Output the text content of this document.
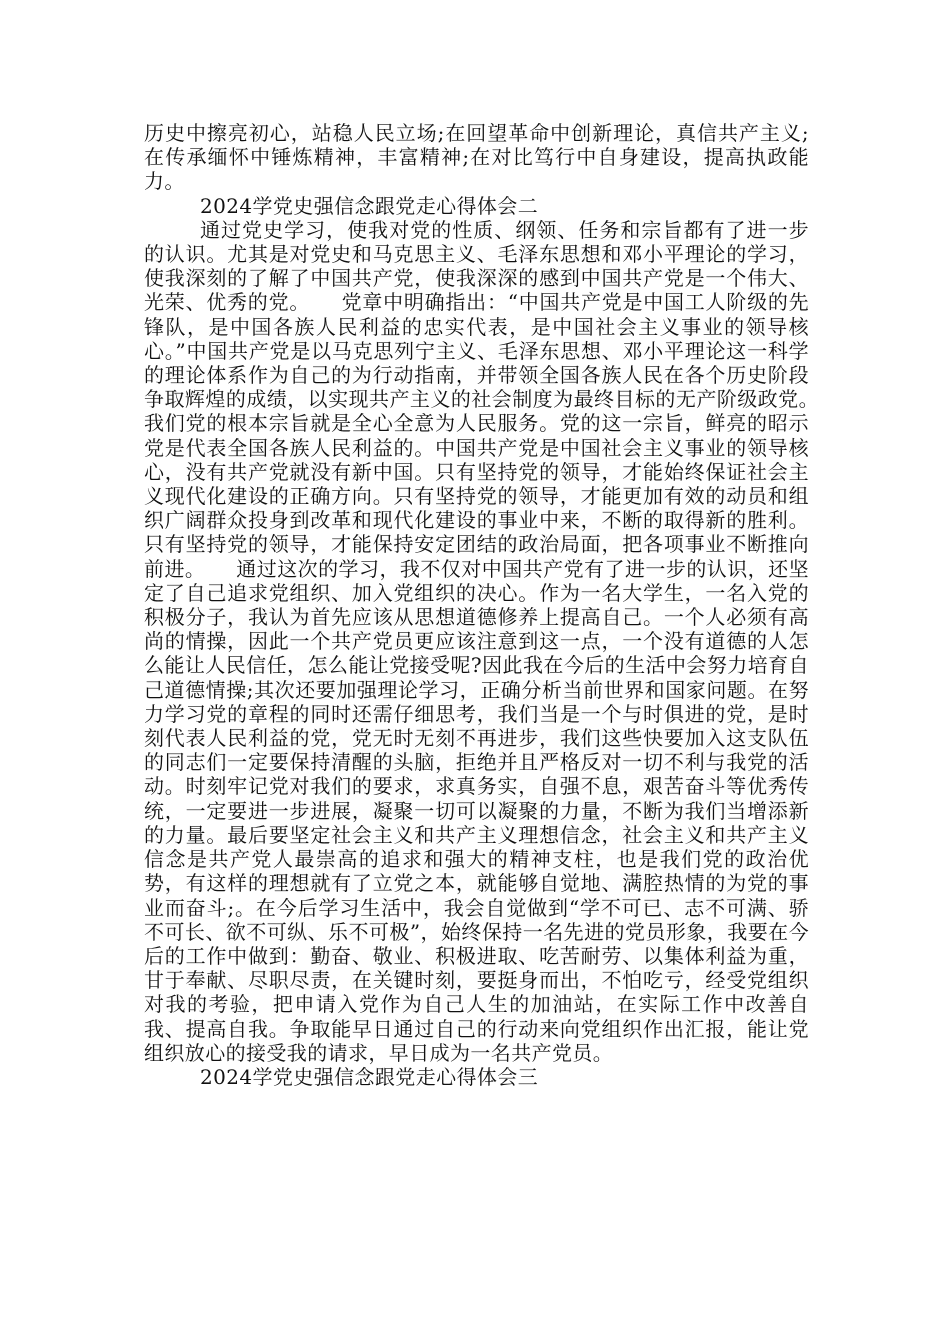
历史中擦亮初心，站稳人民立场;在回望革命中创新理论，真信共产主义;在传承缅怀中锤炼精神，丰富精神;在对比笃行中自身建设，提高执政能力。

2024学党史强信念跟党走心得体会二

通过党史学习，使我对党的性质、纲领、任务和宗旨都有了进一步的认识。尤其是对党史和马克思主义、毛泽东思想和邓小平理论的学习，使我深刻的了解了中国共产党，使我深深的感到中国共产党是一个伟大、光荣、优秀的党。　　党章中明确指出：“中国共产党是中国工人阶级的先锋队，是中国各族人民利益的忠实代表，是中国社会主义事业的领导核心。”中国共产党是以马克思列宁主义、毛泽东思想、邓小平理论这一科学的理论体系作为自己的为行动指南，并带领全国各族人民在各个历史阶段争取辉煌的成绩，以实现共产主义的社会制度为最终目标的无产阶级政党。　　我们党的根本宗旨就是全心全意为人民服务。党的这一宗旨，鲜亮的昭示党是代表全国各族人民利益的。中国共产党是中国社会主义事业的领导核心，没有共产党就没有新中国。只有坚持党的领导，才能始终保证社会主义现代化建设的正确方向。只有坚持党的领导，才能更加有效的动员和组织广阔群众投身到改革和现代化建设的事业中来，不断的取得新的胜利。只有坚持党的领导，才能保持安定团结的政治局面，把各项事业不断推向前进。　　通过这次的学习，我不仅对中国共产党有了进一步的认识，还坚定了自己追求党组织、加入党组织的决心。作为一名大学生，一名入党的积极分子，我认为首先应该从思想道德修养上提高自己。一个人必须有高尚的情操，因此一个共产党员更应该注意到这一点，一个没有道德的人怎么能让人民信任，怎么能让党接受呢?因此我在今后的生活中会努力培育自己道德情操;其次还要加强理论学习，正确分析当前世界和国家问题。在努力学习党的章程的同时还需仔细思考，我们当是一个与时俱进的党，是时刻代表人民利益的党，党无时无刻不再进步，我们这些快要加入这支队伍的同志们一定要保持清醒的头脑，拒绝并且严格反对一切不利与我党的活动。时刻牢记党对我们的要求，求真务实，自强不息，艰苦奋斗等优秀传统，一定要进一步进展，凝聚一切可以凝聚的力量，不断为我们当增添新的力量。最后要坚定社会主义和共产主义理想信念，社会主义和共产主义信念是共产党人最崇高的追求和强大的精神支柱，也是我们党的政治优势，有这样的理想就有了立党之本，就能够自觉地、满腔热情的为党的事业而奋斗;。在今后学习生活中，我会自觉做到“学不可已、志不可满、骄不可长、欲不可纵、乐不可极”，始终保持一名先进的党员形象，我要在今后的工作中做到：勤奋、敬业、积极进取、吃苦耐劳、以集体利益为重，甘于奉献、尽职尽责，在关键时刻，要挺身而出，不怕吃亏，经受党组织对我的考验，把申请入党作为自己人生的加油站，在实际工作中改善自我、提高自我。争取能早日通过自己的行动来向党组织作出汇报，能让党组织放心的接受我的请求，早日成为一名共产党员。

2024学党史强信念跟党走心得体会三
